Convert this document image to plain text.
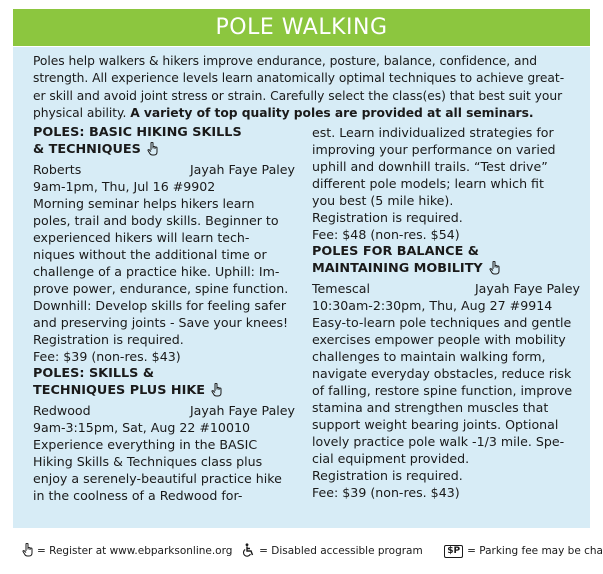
POLE WALKING
Poles help walkers & hikers improve endurance, posture, balance, confidence, and
strength. All experience levels learn anatomically optimal techniques to achieve great-
er skill and avoid joint stress or strain. Carefully select the class(es) that best suit your
physical ability. A variety of top quality poles are provided at all seminars.
POLES: BASIC HIKING SKILLS
& TECHNIQUES
Roberts	Jayah Faye Paley
9am-1pm, Thu, Jul 16 #9902
Morning seminar helps hikers learn
poles, trail and body skills. Beginner to
experienced hikers will learn tech-
niques without the additional time or
challenge of a practice hike. Uphill: Im-
prove power, endurance, spine function.
Downhill: Develop skills for feeling safer
and preserving joints - Save your knees!
Registration is required.
Fee: $39 (non-res. $43)
POLES: SKILLS &
TECHNIQUES PLUS HIKE
Redwood	Jayah Faye Paley
9am-3:15pm, Sat, Aug 22 #10010
Experience everything in the BASIC
Hiking Skills & Techniques class plus
enjoy a serenely-beautiful practice hike
in the coolness of a Redwood for-
est. Learn individualized strategies for
improving your performance on varied
uphill and downhill trails. “Test drive”
different pole models; learn which fit
you best (5 mile hike).
Registration is required.
Fee: $48 (non-res. $54)
POLES FOR BALANCE &
MAINTAINING MOBILITY
Temescal	Jayah Faye Paley
10:30am-2:30pm, Thu, Aug 27 #9914
Easy-to-learn pole techniques and gentle
exercises empower people with mobility
challenges to maintain walking form,
navigate everyday obstacles, reduce risk
of falling, restore spine function, improve
stamina and strengthen muscles that
support weight bearing joints. Optional
lovely practice pole walk -1/3 mile. Spe-
cial equipment provided.
Registration is required.
Fee: $39 (non-res. $43)
= Register at www.ebparksonline.org	= Disabled accessible program	$P = Parking fee may be cha
